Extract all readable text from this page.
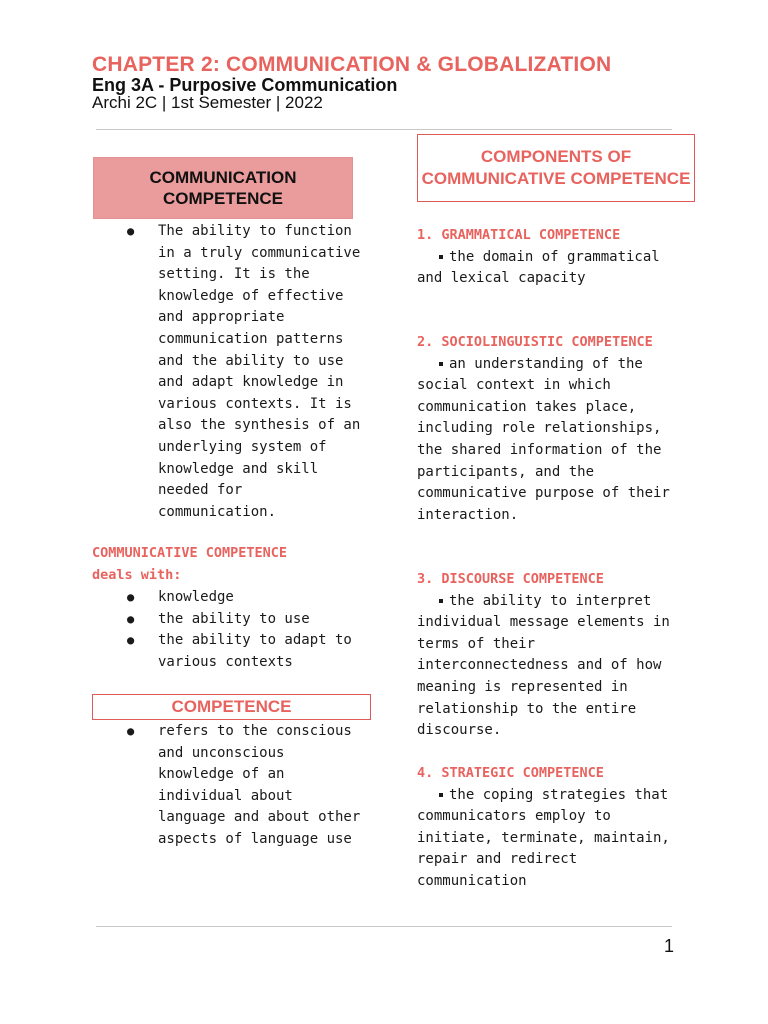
CHAPTER 2: COMMUNICATION & GLOBALIZATION
Eng 3A - Purposive Communication
Archi 2C | 1st Semester | 2022
COMMUNICATION COMPETENCE
● The ability to function in a truly communicative setting. It is the knowledge of effective and appropriate communication patterns and the ability to use and adapt knowledge in various contexts. It is also the synthesis of an underlying system of knowledge and skill needed for communication.
COMMUNICATIVE COMPETENCE deals with:
● knowledge
● the ability to use
● the ability to adapt to various contexts
COMPETENCE
● refers to the conscious and unconscious knowledge of an individual about language and about other aspects of language use
COMPONENTS OF COMMUNICATIVE COMPETENCE
1. GRAMMATICAL COMPETENCE
the domain of grammatical and lexical capacity
2. SOCIOLINGUISTIC COMPETENCE
an understanding of the social context in which communication takes place, including role relationships, the shared information of the participants, and the communicative purpose of their interaction.
3. DISCOURSE COMPETENCE
the ability to interpret individual message elements in terms of their interconnectedness and of how meaning is represented in relationship to the entire discourse.
4. STRATEGIC COMPETENCE
the coping strategies that communicators employ to initiate, terminate, maintain, repair and redirect communication
1
